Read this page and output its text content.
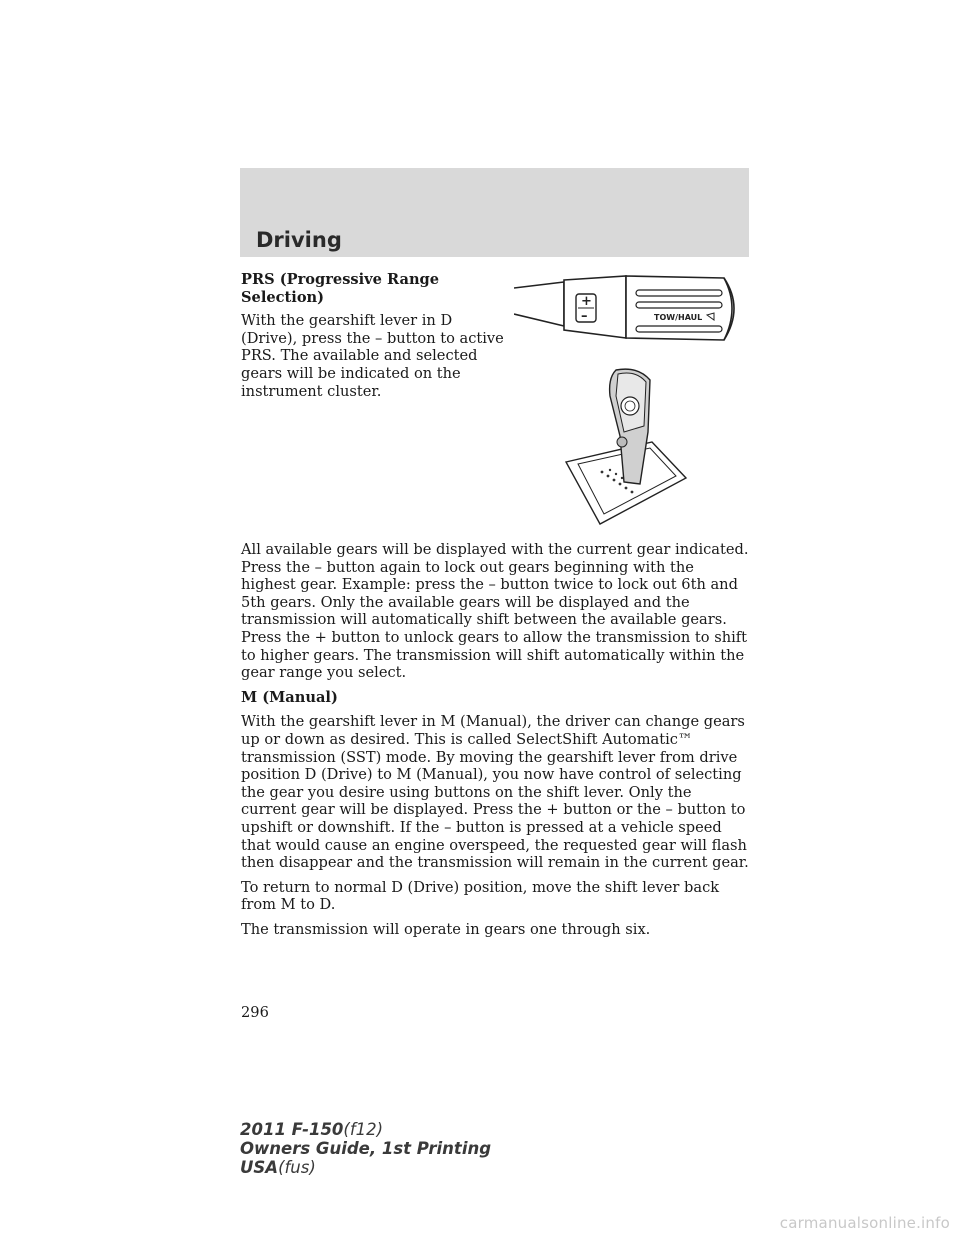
Driving

PRS (Progressive Range Selection)

With the gearshift lever in D (Drive), press the – button to active PRS. The available and selected gears will be indicated on the instrument cluster.

+
–	TOW/HAUL

All available gears will be displayed with the current gear indicated. Press the – button again to lock out gears beginning with the highest gear. Example: press the – button twice to lock out 6th and 5th gears. Only the available gears will be displayed and the transmission will automatically shift between the available gears. Press the + button to unlock gears to allow the transmission to shift to higher gears. The transmission will shift automatically within the gear range you select.

M (Manual)

With the gearshift lever in M (Manual), the driver can change gears up or down as desired. This is called SelectShift Automatic™ transmission (SST) mode. By moving the gearshift lever from drive position D (Drive) to M (Manual), you now have control of selecting the gear you desire using buttons on the shift lever. Only the current gear will be displayed. Press the + button or the – button to upshift or downshift. If the – button is pressed at a vehicle speed that would cause an engine overspeed, the requested gear will flash then disappear and the transmission will remain in the current gear.

To return to normal D (Drive) position, move the shift lever back from M to D.

The transmission will operate in gears one through six.

296
2011 F-150(f12)
Owners Guide, 1st Printing
USA(fus)
carmanualsonline.info
